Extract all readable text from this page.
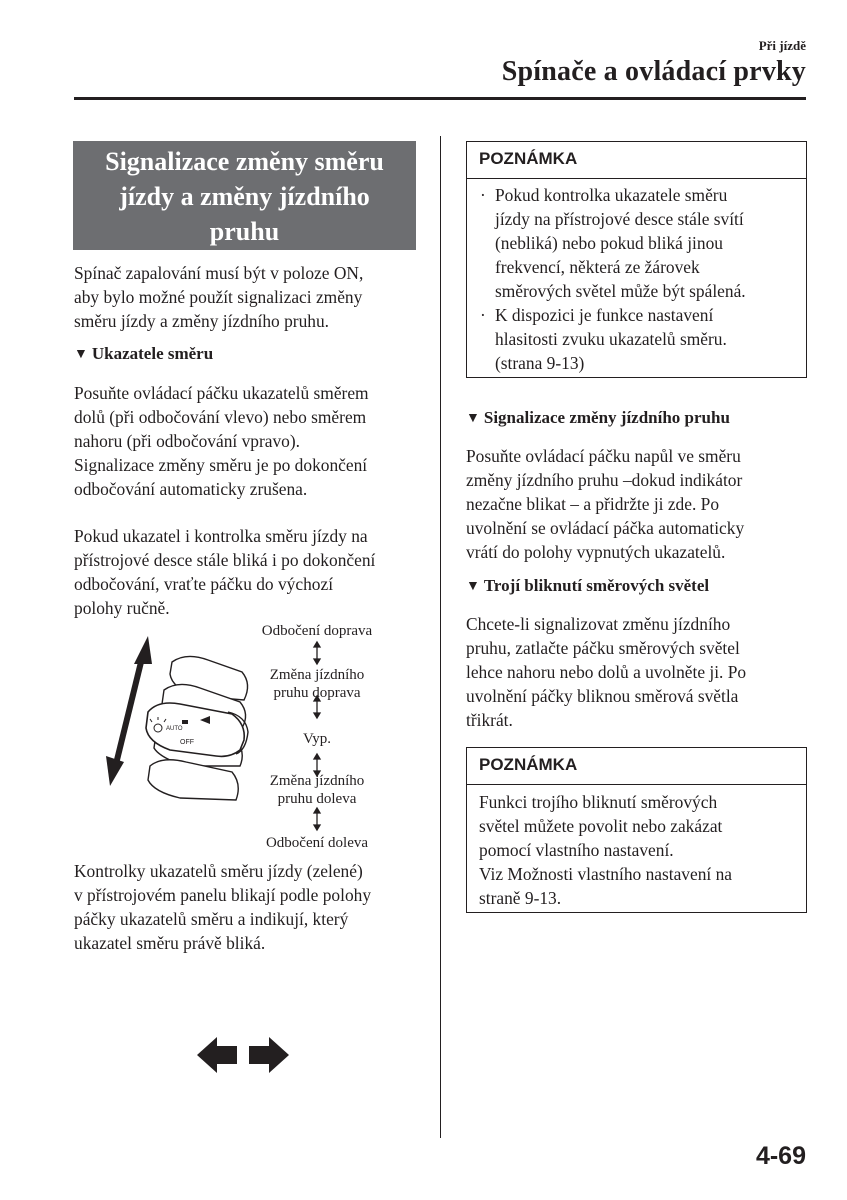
Při jízdě
Spínače a ovládací prvky
Signalizace změny směru
jízdy a změny jízdního
pruhu
Spínač zapalování musí být v poloze ON,
aby bylo možné použít signalizaci změny
směru jízdy a změny jízdního pruhu.
▼ Ukazatele směru
Posuňte ovládací páčku ukazatelů směrem
dolů (při odbočování vlevo) nebo směrem
nahoru (při odbočování vpravo).
Signalizace změny směru je po dokončení
odbočování automaticky zrušena.
Pokud ukazatel i kontrolka směru jízdy na
přístrojové desce stále bliká i po dokončení
odbočování, vraťte páčku do výchozí
polohy ručně.
AUTO
OFF
Odbočení doprava
Změna jízdního
pruhu doprava
Vyp.
Změna jízdního
pruhu doleva
Odbočení doleva
Kontrolky ukazatelů směru jízdy (zelené)
v přístrojovém panelu blikají podle polohy
páčky ukazatelů směru a indikují, který
ukazatel směru právě bliká.
POZNÁMKA
· Pokud kontrolka ukazatele směru
jízdy na přístrojové desce stále svítí
(nebliká) nebo pokud bliká jinou
frekvencí, některá ze žárovek
směrových světel může být spálená.
· K dispozici je funkce nastavení
hlasitosti zvuku ukazatelů směru.
(strana 9-13)
▼ Signalizace změny jízdního pruhu
Posuňte ovládací páčku napůl ve směru
změny jízdního pruhu –dokud indikátor
nezačne blikat – a přidržte ji zde. Po
uvolnění se ovládací páčka automaticky
vrátí do polohy vypnutých ukazatelů.
▼ Trojí bliknutí směrových světel
Chcete-li signalizovat změnu jízdního
pruhu, zatlačte páčku směrových světel
lehce nahoru nebo dolů a uvolněte ji. Po
uvolnění páčky bliknou směrová světla
třikrát.
POZNÁMKA
Funkci trojího bliknutí směrových
světel můžete povolit nebo zakázat
pomocí vlastního nastavení.
Viz Možnosti vlastního nastavení na
straně 9-13.
4-69
